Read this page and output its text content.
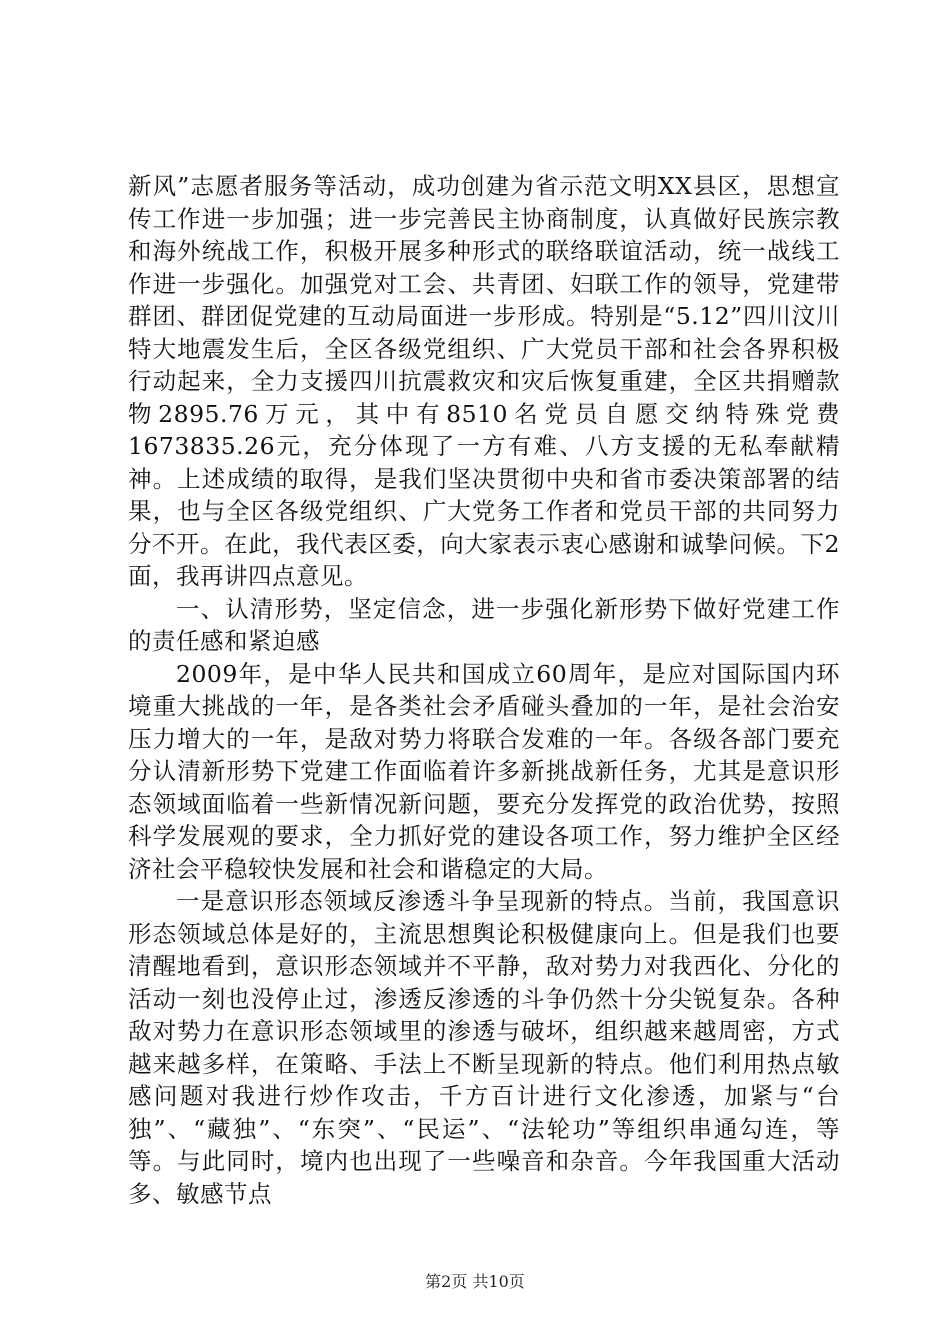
新风”志愿者服务等活动，成功创建为省示范文明XX县区，思想宣传工作进一步加强；进一步完善民主协商制度，认真做好民族宗教和海外统战工作，积极开展多种形式的联络联谊活动，统一战线工作进一步强化。加强党对工会、共青团、妇联工作的领导，党建带群团、群团促党建的互动局面进一步形成。特别是“5.12”四川汶川特大地震发生后，全区各级党组织、广大党员干部和社会各界积极行动起来，全力支援四川抗震救灾和灾后恢复重建，全区共捐赠款物2895.76万元，其中有8510名党员自愿交纳特殊党费1673835.26元，充分体现了一方有难、八方支援的无私奉献精神。上述成绩的取得，是我们坚决贯彻中央和省市委决策部署的结果，也与全区各级党组织、广大党务工作者和党员干部的共同努力分不开。在此，我代表区委，向大家表示衷心感谢和诚挚问候。下2面，我再讲四点意见。

一、认清形势，坚定信念，进一步强化新形势下做好党建工作的责任感和紧迫感

2009年，是中华人民共和国成立60周年，是应对国际国内环境重大挑战的一年，是各类社会矛盾碰头叠加的一年，是社会治安压力增大的一年，是敌对势力将联合发难的一年。各级各部门要充分认清新形势下党建工作面临着许多新挑战新任务，尤其是意识形态领域面临着一些新情况新问题，要充分发挥党的政治优势，按照科学发展观的要求，全力抓好党的建设各项工作，努力维护全区经济社会平稳较快发展和社会和谐稳定的大局。

一是意识形态领域反渗透斗争呈现新的特点。当前，我国意识形态领域总体是好的，主流思想舆论积极健康向上。但是我们也要清醒地看到，意识形态领域并不平静，敌对势力对我西化、分化的活动一刻也没停止过，渗透反渗透的斗争仍然十分尖锐复杂。各种敌对势力在意识形态领域里的渗透与破坏，组织越来越周密，方式越来越多样，在策略、手法上不断呈现新的特点。他们利用热点敏感问题对我进行炒作攻击，千方百计进行文化渗透，加紧与“台独”、“藏独”、“东突”、“民运”、“法轮功”等组织串通勾连，等等。与此同时，境内也出现了一些噪音和杂音。今年我国重大活动多、敏感节点

第2页 共10页
